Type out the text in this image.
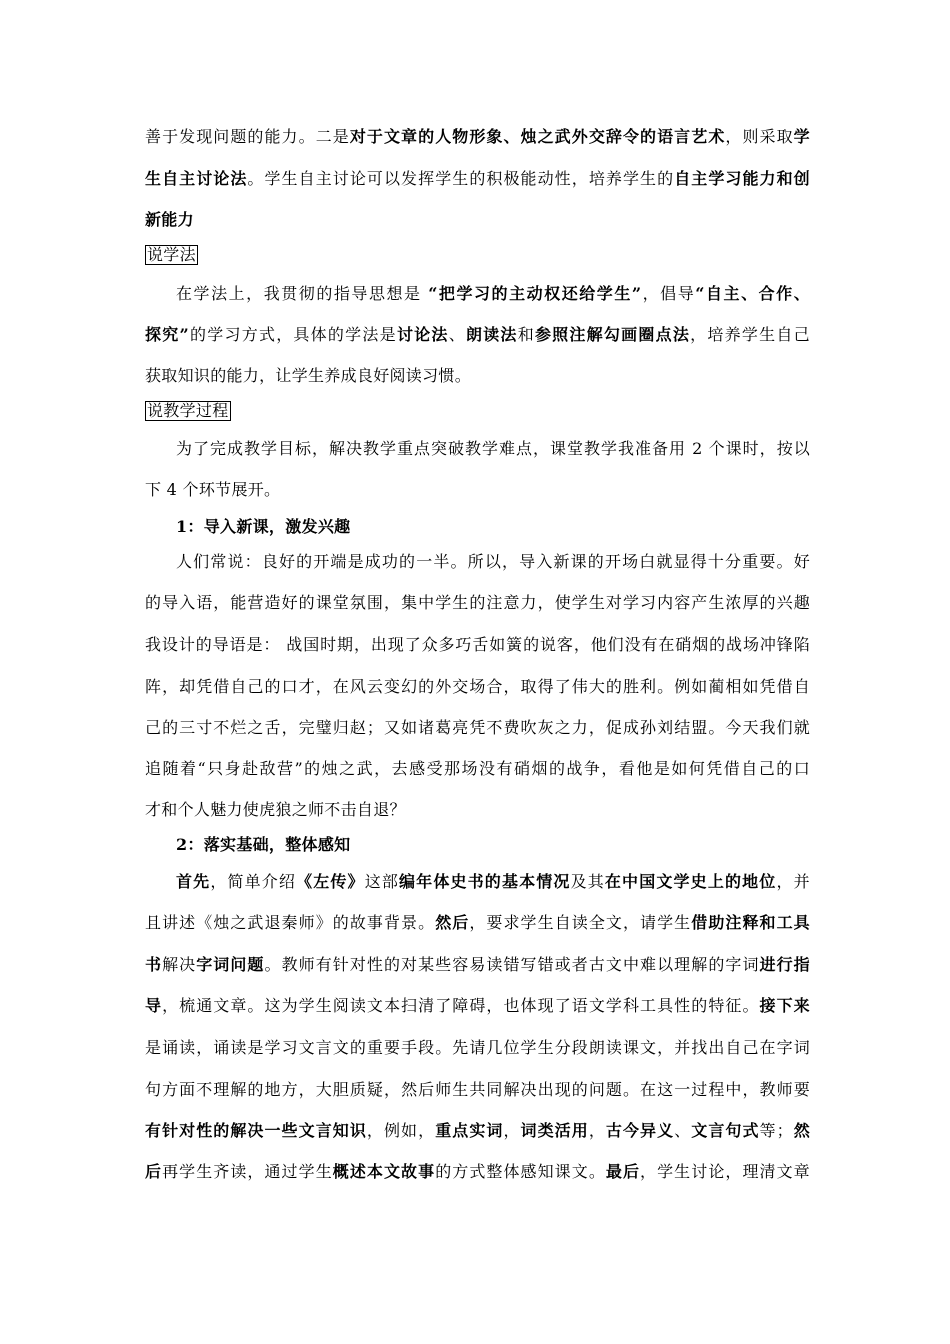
善于发现问题的能力。二是对于文章的人物形象、烛之武外交辞令的语言艺术，则采取学
生自主讨论法。学生自主讨论可以发挥学生的积极能动性，培养学生的自主学习能力和创
新能力
说学法
在学法上，我贯彻的指导思想是 “把学习的主动权还给学生”，倡导“自主、合作、
探究”的学习方式，具体的学法是讨论法、朗读法和参照注解勾画圈点法，培养学生自己
获取知识的能力，让学生养成良好阅读习惯。
说教学过程
为了完成教学目标，解决教学重点突破教学难点，课堂教学我准备用 2 个课时，按以
下 4 个环节展开。
1：导入新课，激发兴趣
人们常说：良好的开端是成功的一半。所以，导入新课的开场白就显得十分重要。好
的导入语，能营造好的课堂氛围，集中学生的注意力，使学生对学习内容产生浓厚的兴趣
我设计的导语是： 战国时期，出现了众多巧舌如簧的说客，他们没有在硝烟的战场冲锋陷
阵，却凭借自己的口才，在风云变幻的外交场合，取得了伟大的胜利。例如蔺相如凭借自
己的三寸不烂之舌，完璧归赵；又如诸葛亮凭不费吹灰之力，促成孙刘结盟。今天我们就
追随着“只身赴敌营”的烛之武，去感受那场没有硝烟的战争，看他是如何凭借自己的口
才和个人魅力使虎狼之师不击自退？
2：落实基础，整体感知
首先，简单介绍《左传》这部编年体史书的基本情况及其在中国文学史上的地位，并
且讲述《烛之武退秦师》的故事背景。然后，要求学生自读全文，请学生借助注释和工具
书解决字词问题。教师有针对性的对某些容易读错写错或者古文中难以理解的字词进行指
导，梳通文章。这为学生阅读文本扫清了障碍，也体现了语文学科工具性的特征。接下来
是诵读，诵读是学习文言文的重要手段。先请几位学生分段朗读课文，并找出自己在字词
句方面不理解的地方，大胆质疑，然后师生共同解决出现的问题。在这一过程中，教师要
有针对性的解决一些文言知识，例如，重点实词，词类活用，古今异义、文言句式等；然
后再学生齐读，通过学生概述本文故事的方式整体感知课文。最后，学生讨论，理清文章
